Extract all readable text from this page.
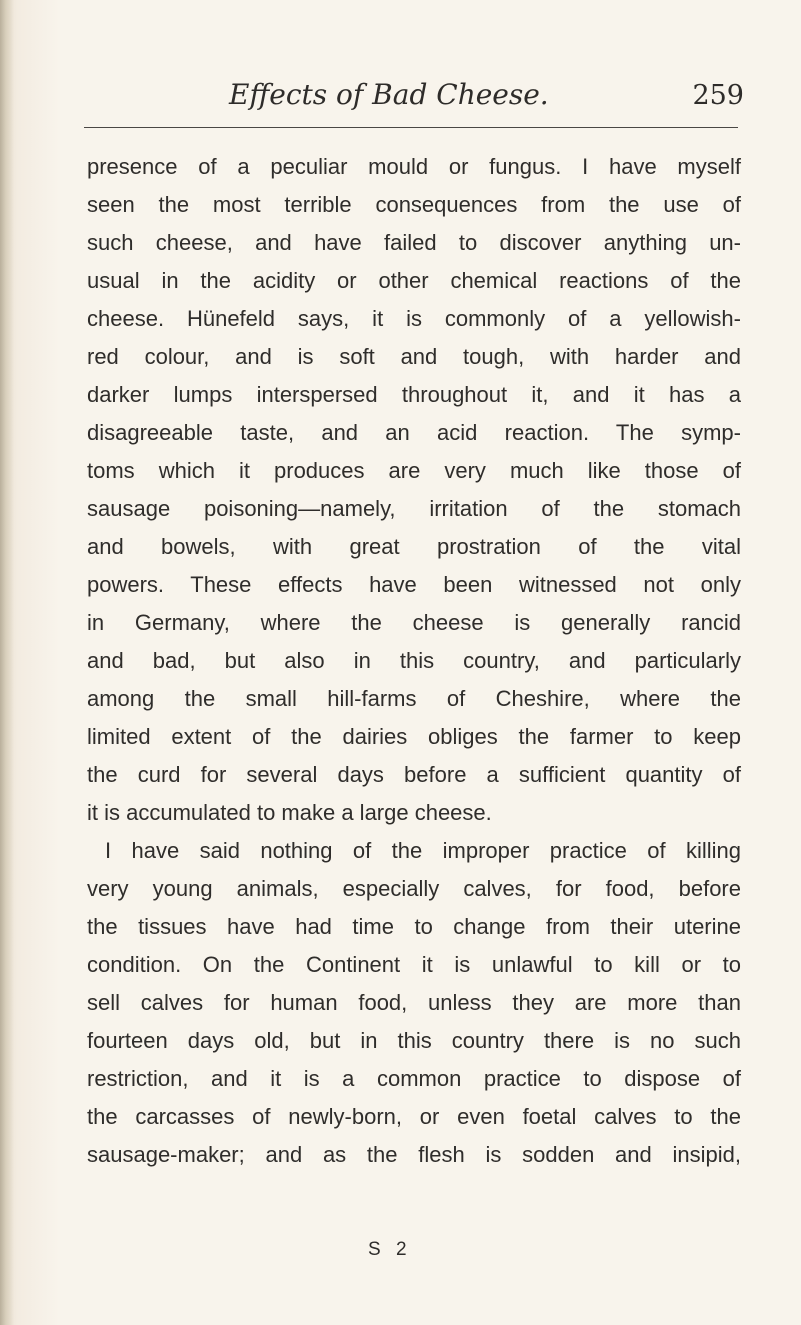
Effects of Bad Cheese.	259
presence of a peculiar mould or fungus. I have myself
seen the most terrible consequences from the use of
such cheese, and have failed to discover anything un-
usual in the acidity or other chemical reactions of the
cheese. Hünefeld says, it is commonly of a yellowish-
red colour, and is soft and tough, with harder and
darker lumps interspersed throughout it, and it has a
disagreeable taste, and an acid reaction. The symp-
toms which it produces are very much like those of
sausage poisoning—namely, irritation of the stomach
and bowels, with great prostration of the vital
powers. These effects have been witnessed not only
in Germany, where the cheese is generally rancid
and bad, but also in this country, and particularly
among the small hill-farms of Cheshire, where the
limited extent of the dairies obliges the farmer to keep
the curd for several days before a sufficient quantity of
it is accumulated to make a large cheese.
I have said nothing of the improper practice of killing
very young animals, especially calves, for food, before
the tissues have had time to change from their uterine
condition. On the Continent it is unlawful to kill or to
sell calves for human food, unless they are more than
fourteen days old, but in this country there is no such
restriction, and it is a common practice to dispose of
the carcasses of newly-born, or even foetal calves to the
sausage-maker; and as the flesh is sodden and insipid,
S 2
